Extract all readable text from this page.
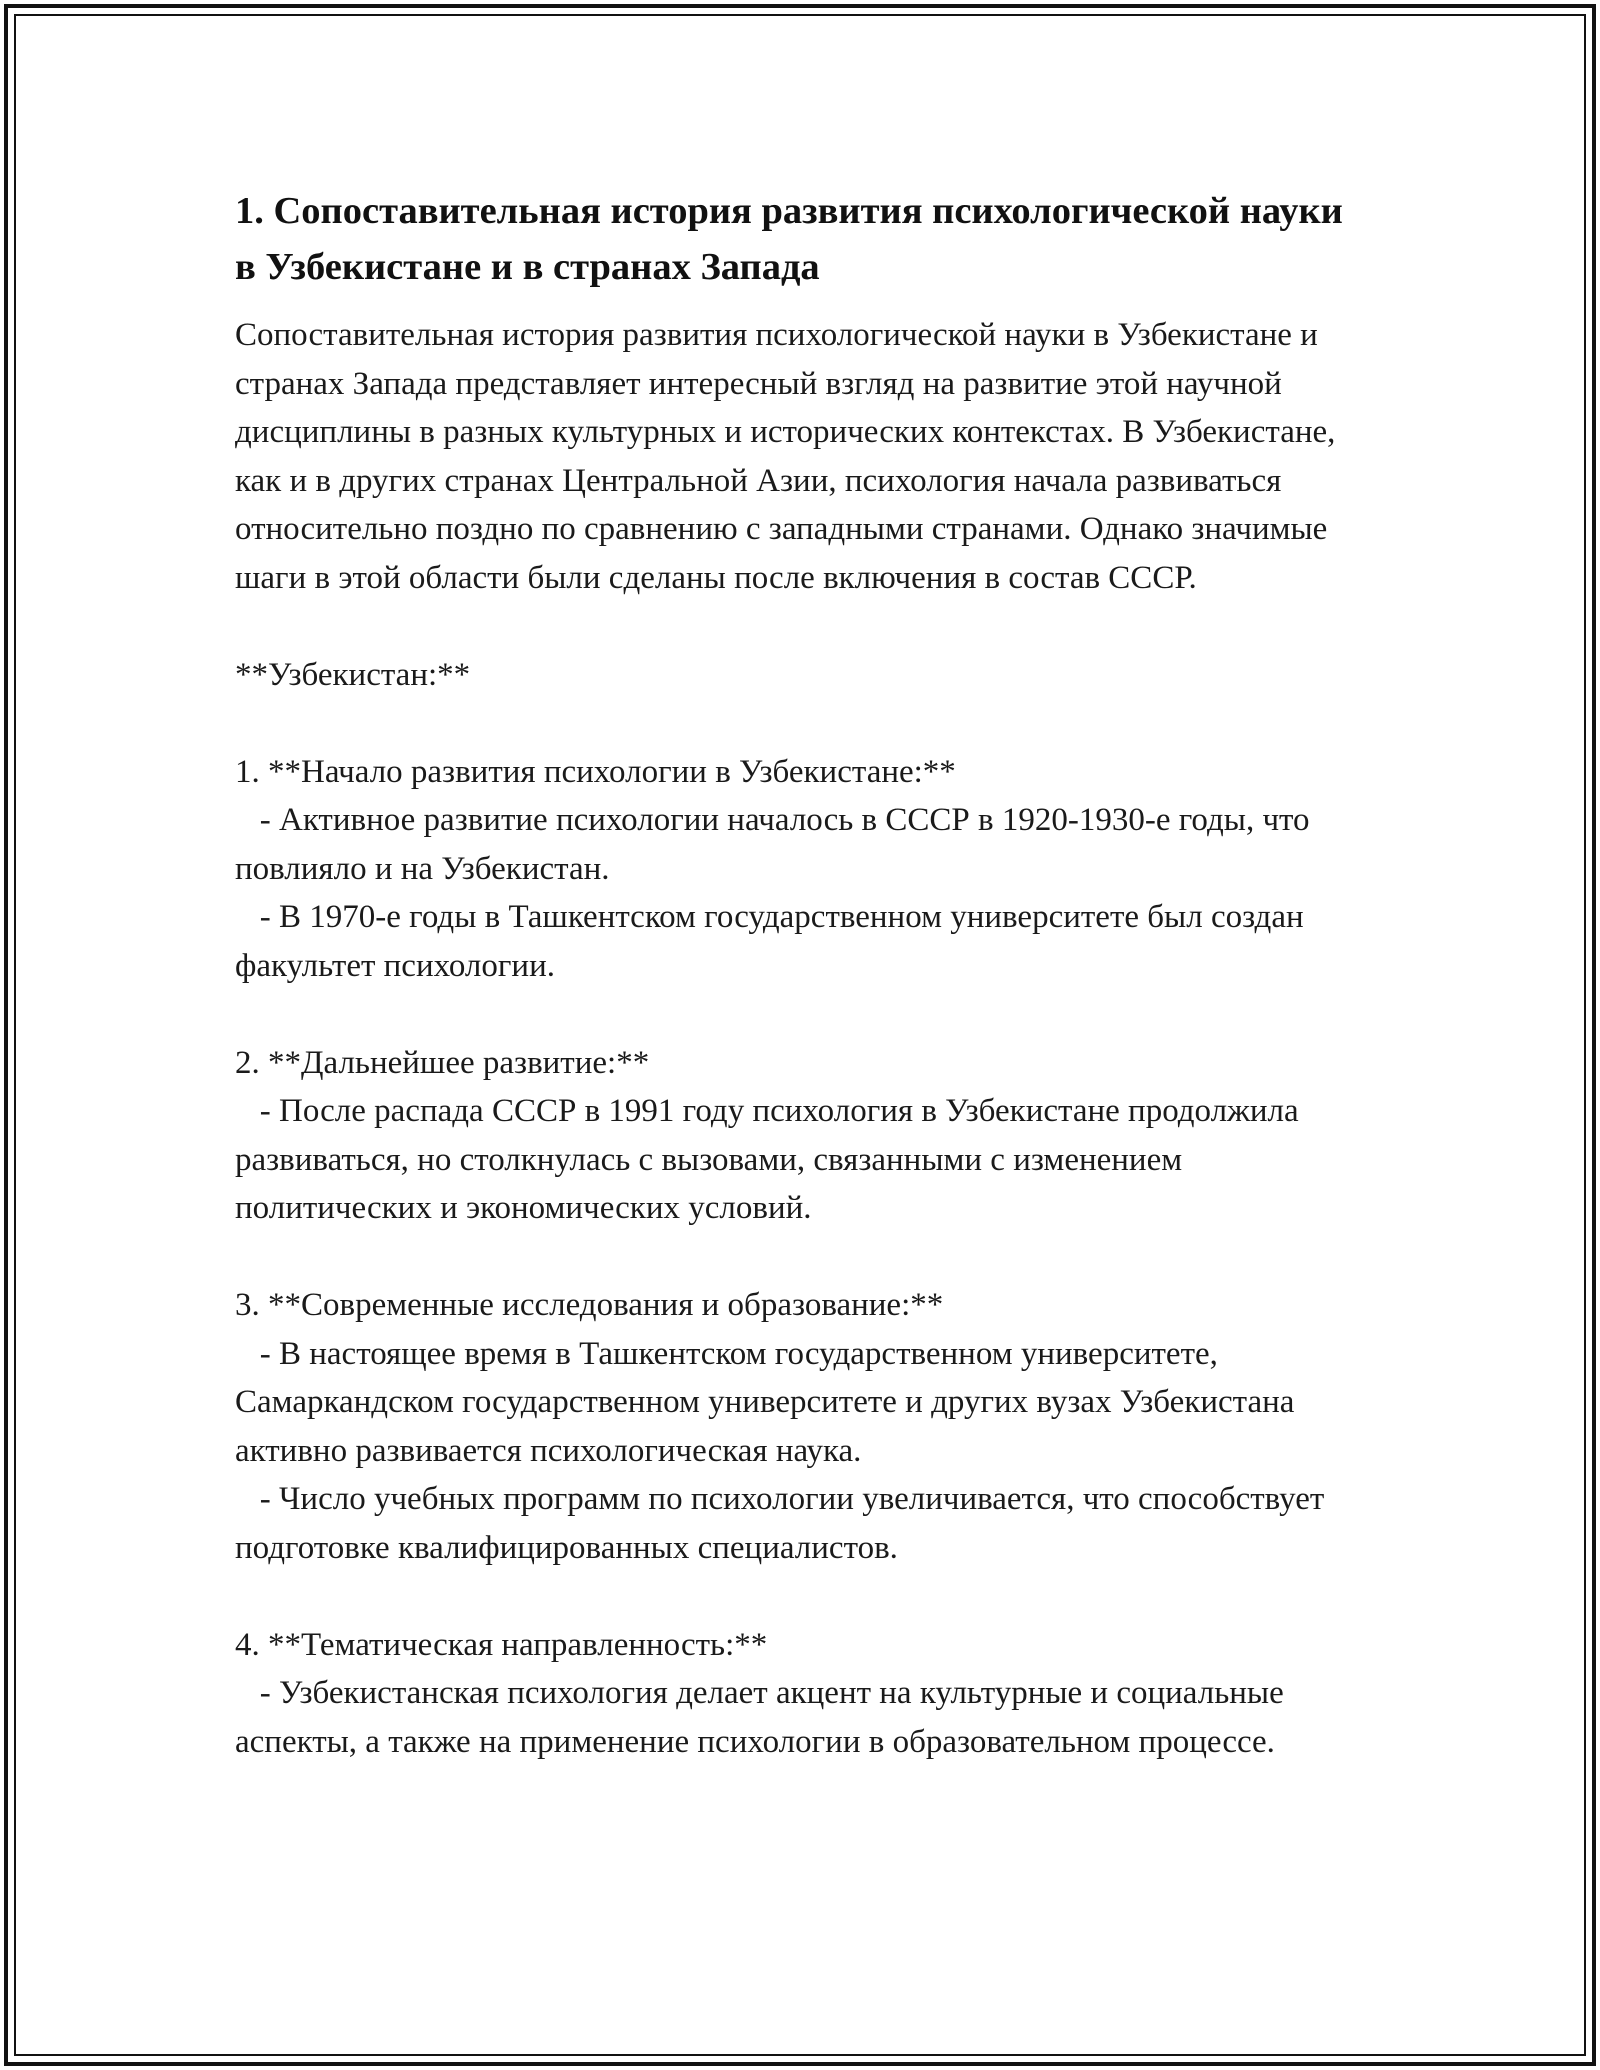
1. Сопоставительная история развития психологической науки в Узбекистане и в странах Запада

Сопоставительная история развития психологической науки в Узбекистане и странах Запада представляет интересный взгляд на развитие этой научной дисциплины в разных культурных и исторических контекстах. В Узбекистане, как и в других странах Центральной Азии, психология начала развиваться относительно поздно по сравнению с западными странами. Однако значимые шаги в этой области были сделаны после включения в состав СССР.

**Узбекистан:**

1. **Начало развития психологии в Узбекистане:**

- Активное развитие психологии началось в СССР в 1920-1930-е годы, что повлияло и на Узбекистан.

- В 1970-е годы в Ташкентском государственном университете был создан факультет психологии.

2. **Дальнейшее развитие:**

- После распада СССР в 1991 году психология в Узбекистане продолжила развиваться, но столкнулась с вызовами, связанными с изменением политических и экономических условий.

3. **Современные исследования и образование:**

- В настоящее время в Ташкентском государственном университете, Самаркандском государственном университете и других вузах Узбекистана активно развивается психологическая наука.

- Число учебных программ по психологии увеличивается, что способствует подготовке квалифицированных специалистов.

4. **Тематическая направленность:**

- Узбекистанская психология делает акцент на культурные и социальные аспекты, а также на применение психологии в образовательном процессе.
